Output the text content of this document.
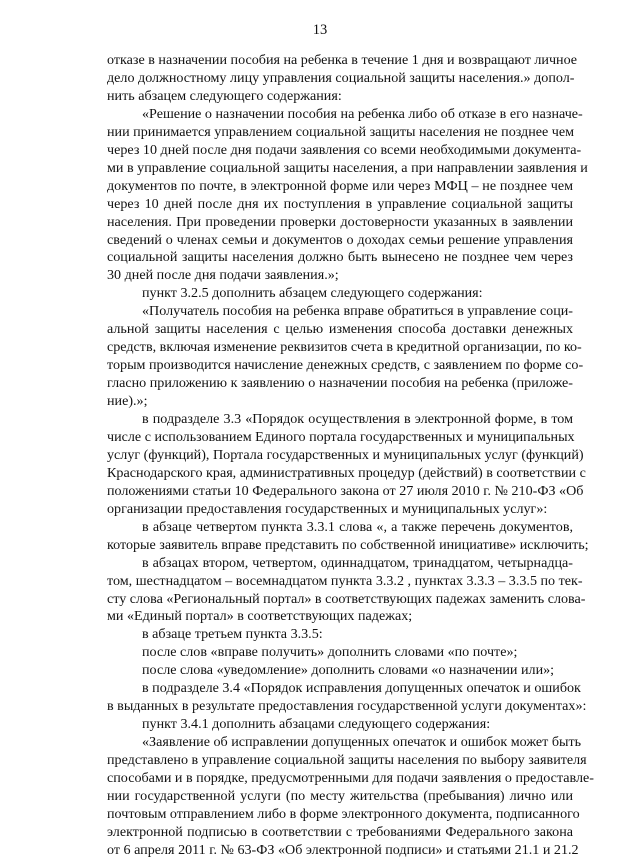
13
отказе в назначении пособия на ребенка в течение 1 дня и возвращают личное
дело должностному лицу управления социальной защиты населения.» допол-
нить абзацем следующего содержания:
«Решение о назначении пособия на ребенка либо об отказе в его назначе-
нии принимается управлением социальной защиты населения не позднее чем
через 10 дней после дня подачи заявления со всеми необходимыми документа-
ми в управление социальной защиты населения, а при направлении заявления и
документов по почте, в электронной форме или через МФЦ – не позднее чем
через 10 дней после дня их поступления в управление социальной защиты
населения. При проведении проверки достоверности указанных в заявлении
сведений о членах семьи и документов о доходах семьи решение управления
социальной защиты населения должно быть вынесено не позднее чем через
30 дней после дня подачи заявления.»;
пункт 3.2.5 дополнить абзацем следующего содержания:
«Получатель пособия на ребенка вправе обратиться в управление соци-
альной защиты населения с целью изменения способа доставки денежных
средств, включая изменение реквизитов счета в кредитной организации, по ко-
торым производится начисление денежных средств, с заявлением по форме со-
гласно приложению к заявлению о назначении пособия на ребенка (приложе-
ние).»;
в подразделе 3.3 «Порядок осуществления в электронной форме, в том
числе с использованием Единого портала государственных и муниципальных
услуг (функций), Портала государственных и муниципальных услуг (функций)
Краснодарского края, административных процедур (действий) в соответствии с
положениями статьи 10 Федерального закона от 27 июля 2010 г. № 210-ФЗ «Об
организации предоставления государственных и муниципальных услуг»:
в абзаце четвертом пункта 3.3.1 слова «, а также перечень документов,
которые заявитель вправе представить по собственной инициативе» исключить;
в абзацах втором, четвертом, одиннадцатом, тринадцатом, четырнадца-
том, шестнадцатом – восемнадцатом пункта 3.3.2 , пунктах 3.3.3 – 3.3.5 по тек-
сту слова «Региональный портал» в соответствующих падежах заменить слова-
ми «Единый портал» в соответствующих падежах;
в абзаце третьем пункта 3.3.5:
после слов «вправе получить» дополнить словами «по почте»;
после слова «уведомление» дополнить словами «о назначении или»;
в подразделе 3.4 «Порядок исправления допущенных опечаток и ошибок
в выданных в результате предоставления государственной услуги документах»:
пункт 3.4.1 дополнить абзацами следующего содержания:
«Заявление об исправлении допущенных опечаток и ошибок может быть
представлено в управление социальной защиты населения по выбору заявителя
способами и в порядке, предусмотренными для подачи заявления о предоставле-
нии государственной услуги (по месту жительства (пребывания) лично или
почтовым отправлением либо в форме электронного документа, подписанного
электронной подписью в соответствии с требованиями Федерального закона
от 6 апреля 2011 г. № 63-ФЗ «Об электронной подписи» и статьями 21.1 и 21.2
